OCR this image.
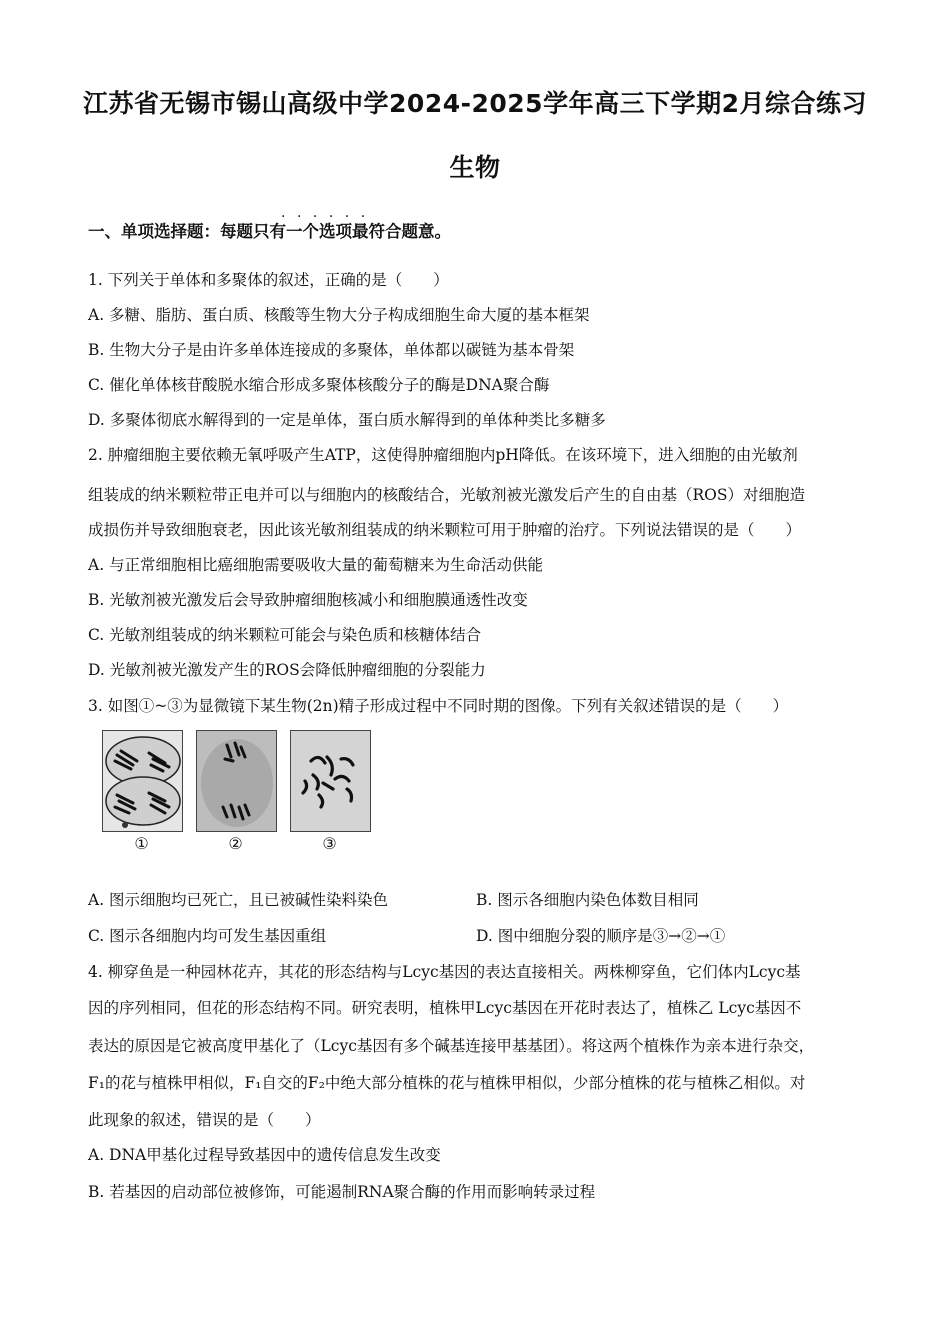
江苏省无锡市锡山高级中学2024-2025学年高三下学期2月综合练习
生物
······
一、单项选择题：每题只有一个选项最符合题意。
1. 下列关于单体和多聚体的叙述，正确的是（　　）
A. 多糖、脂肪、蛋白质、核酸等生物大分子构成细胞生命大厦的基本框架
B. 生物大分子是由许多单体连接成的多聚体，单体都以碳链为基本骨架
C. 催化单体核苷酸脱水缩合形成多聚体核酸分子的酶是DNA聚合酶
D. 多聚体彻底水解得到的一定是单体，蛋白质水解得到的单体种类比多糖多
2. 肿瘤细胞主要依赖无氧呼吸产生ATP，这使得肿瘤细胞内pH降低。在该环境下，进入细胞的由光敏剂
组装成的纳米颗粒带正电并可以与细胞内的核酸结合，光敏剂被光激发后产生的自由基（ROS）对细胞造
成损伤并导致细胞衰老，因此该光敏剂组装成的纳米颗粒可用于肿瘤的治疗。下列说法错误的是（　　）
A. 与正常细胞相比癌细胞需要吸收大量的葡萄糖来为生命活动供能
B. 光敏剂被光激发后会导致肿瘤细胞核减小和细胞膜通透性改变
C. 光敏剂组装成的纳米颗粒可能会与染色质和核糖体结合
D. 光敏剂被光激发产生的ROS会降低肿瘤细胞的分裂能力
3. 如图①~③为显微镜下某生物(2n)精子形成过程中不同时期的图像。下列有关叙述错误的是（　　）
①	②	③
A. 图示细胞均已死亡，且已被碱性染料染色	B. 图示各细胞内染色体数目相同
C. 图示各细胞内均可发生基因重组	D. 图中细胞分裂的顺序是③→②→①
4. 柳穿鱼是一种园林花卉，其花的形态结构与Lcyc基因的表达直接相关。两株柳穿鱼，它们体内Lcyc基
因的序列相同，但花的形态结构不同。研究表明，植株甲Lcyc基因在开花时表达了，植株乙 Lcyc基因不
表达的原因是它被高度甲基化了（Lcyc基因有多个碱基连接甲基基团）。将这两个植株作为亲本进行杂交，
F₁的花与植株甲相似，F₁自交的F₂中绝大部分植株的花与植株甲相似，少部分植株的花与植株乙相似。对
此现象的叙述，错误的是（　　）
A. DNA甲基化过程导致基因中的遗传信息发生改变
B. 若基因的启动部位被修饰，可能遏制RNA聚合酶的作用而影响转录过程
